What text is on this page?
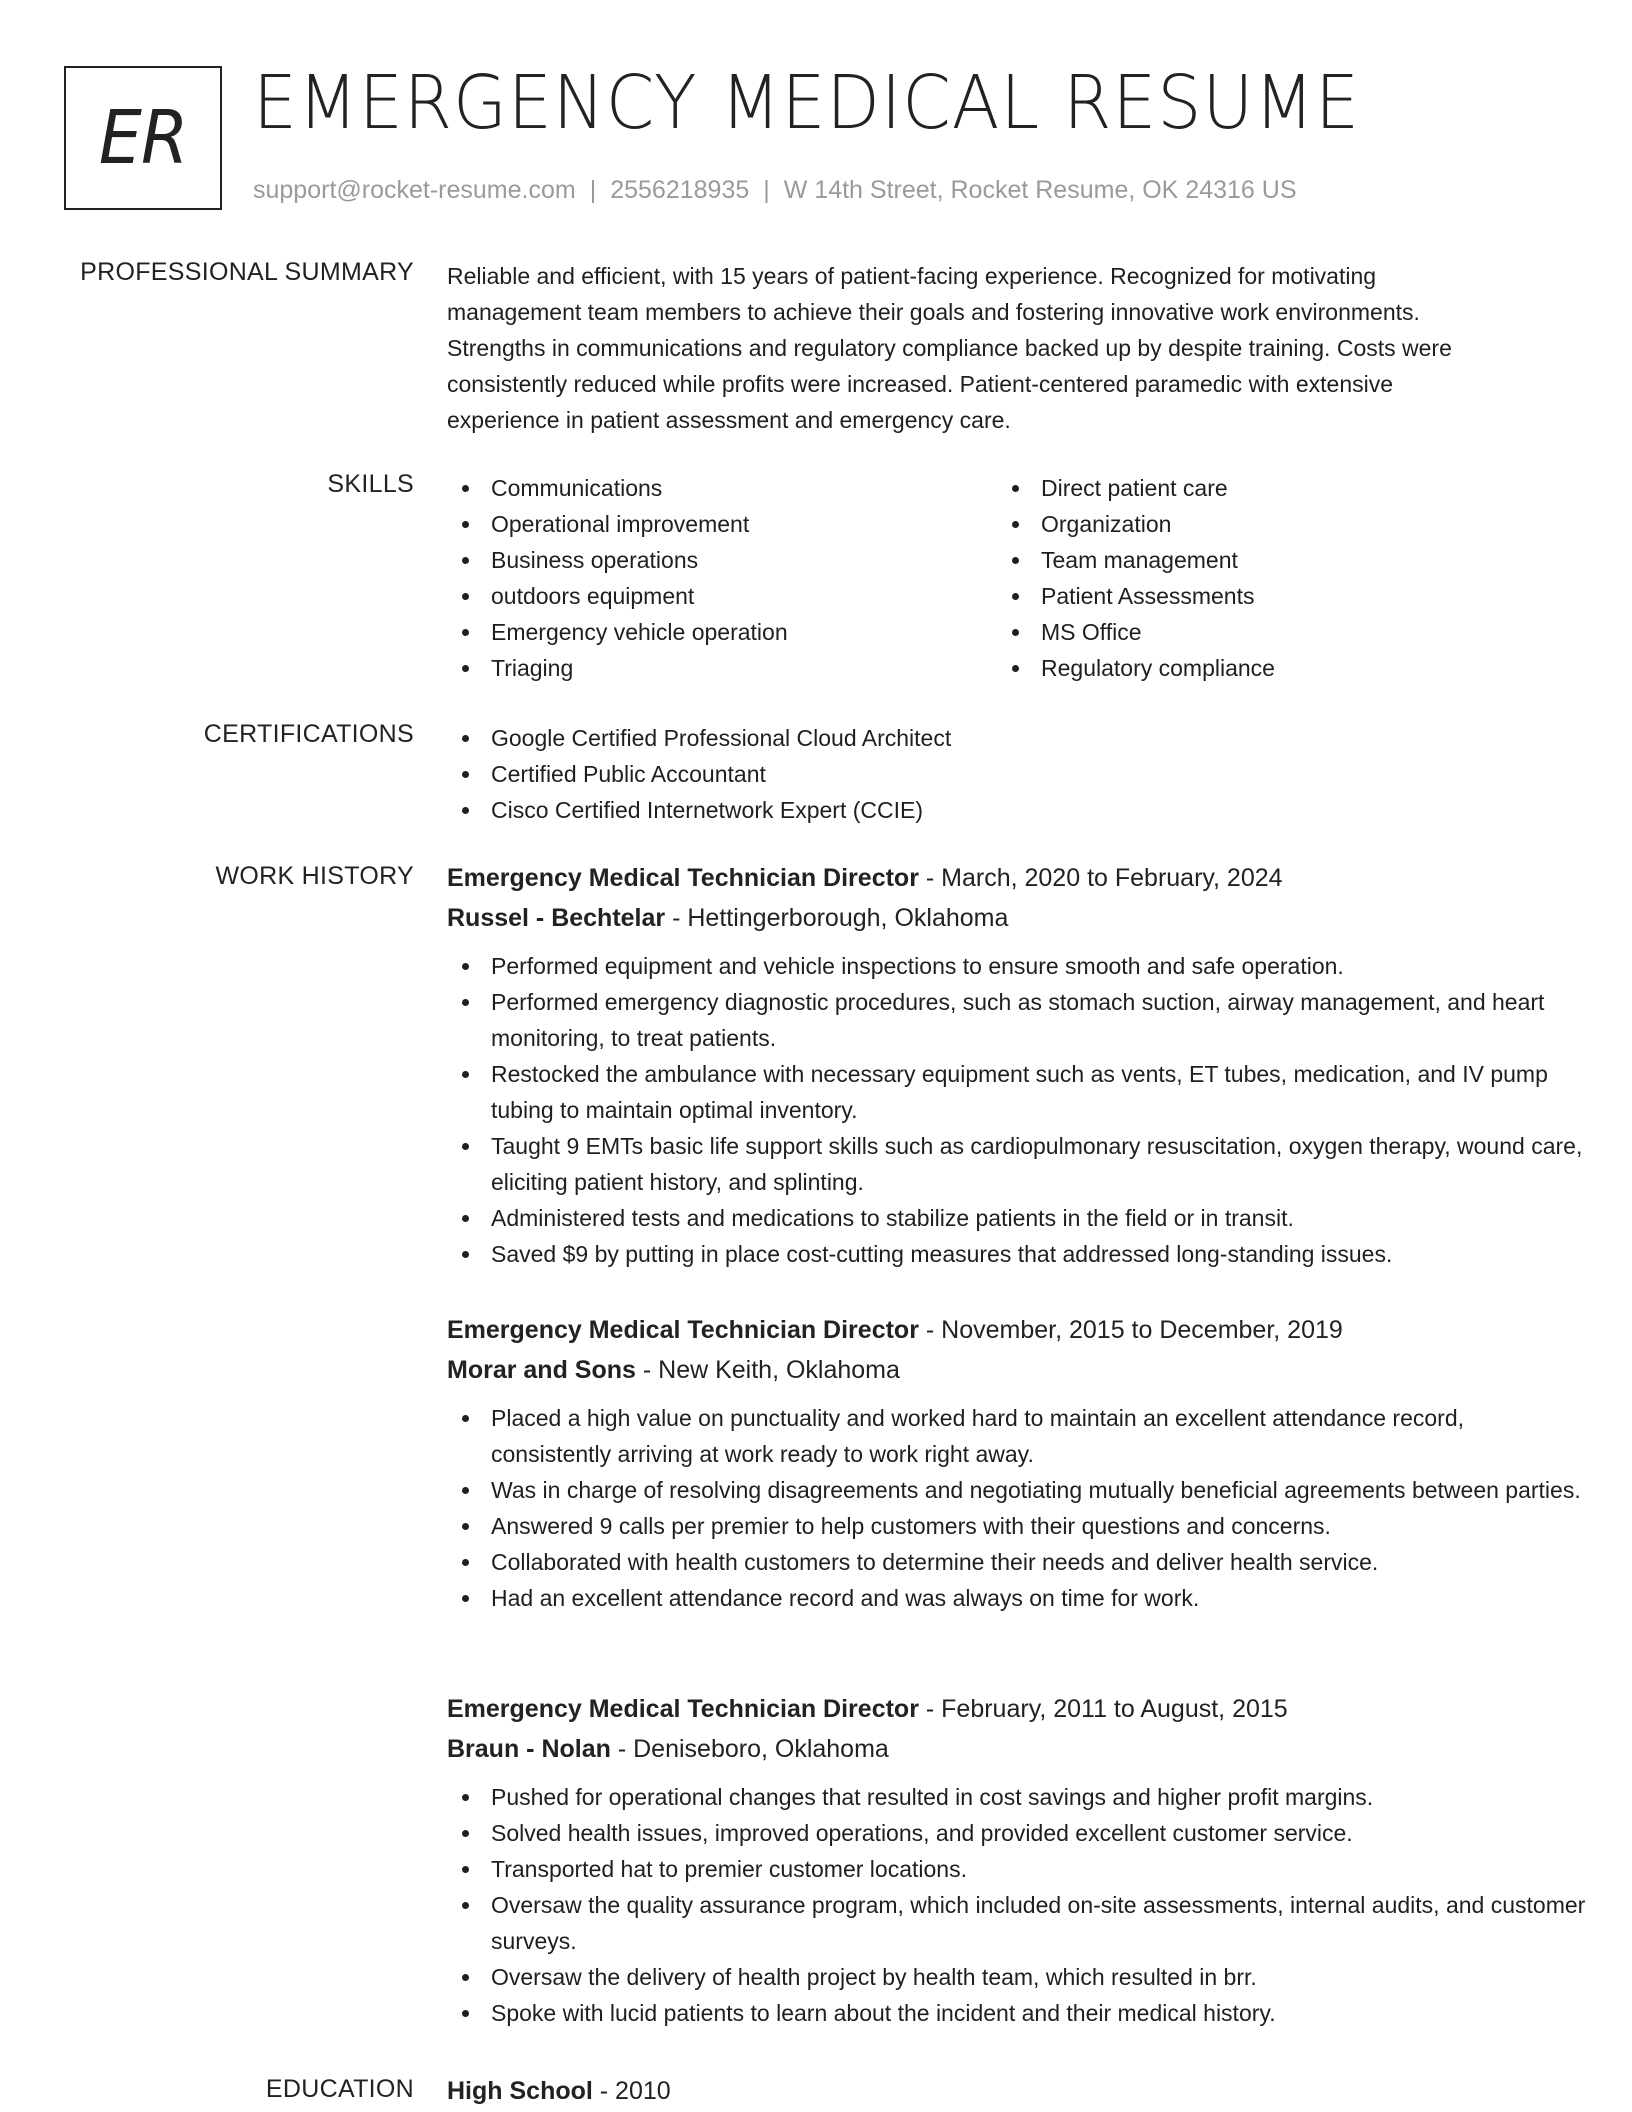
ER EMERGENCY MEDICAL RESUME
support@rocket-resume.com | 2556218935 | W 14th Street, Rocket Resume, OK 24316 US
PROFESSIONAL SUMMARY Reliable and efficient, with 15 years of patient-facing experience. Recognized for motivating
management team members to achieve their goals and fostering innovative work environments.
Strengths in communications and regulatory compliance backed up by despite training. Costs were
consistently reduced while profits were increased. Patient-centered paramedic with extensive
experience in patient assessment and emergency care.
SKILLS	Communications
Operational improvement
Business operations
outdoors equipment
Emergency vehicle operation
Triaging
Direct patient care
Organization
Team management
Patient Assessments
MS Office
Regulatory compliance
CERTIFICATIONS	Google Certified Professional Cloud Architect
Certified Public Accountant
Cisco Certified Internetwork Expert (CCIE)
WORK HISTORY Emergency Medical Technician Director - March, 2020 to February, 2024
Russel - Bechtelar - Hettingerborough, Oklahoma
Performed equipment and vehicle inspections to ensure smooth and safe operation.
Performed emergency diagnostic procedures, such as stomach suction, airway management, and heart monitoring, to treat patients.
Restocked the ambulance with necessary equipment such as vents, ET tubes, medication, and IV pump tubing to maintain optimal inventory.
Taught 9 EMTs basic life support skills such as cardiopulmonary resuscitation, oxygen therapy, wound care, eliciting patient history, and splinting.
Administered tests and medications to stabilize patients in the field or in transit.
Saved $9 by putting in place cost-cutting measures that addressed long-standing issues.
Emergency Medical Technician Director - November, 2015 to December, 2019
Morar and Sons - New Keith, Oklahoma
Placed a high value on punctuality and worked hard to maintain an excellent attendance record, consistently arriving at work ready to work right away.
Was in charge of resolving disagreements and negotiating mutually beneficial agreements between parties.
Answered 9 calls per premier to help customers with their questions and concerns.
Collaborated with health customers to determine their needs and deliver health service.
Had an excellent attendance record and was always on time for work.
Emergency Medical Technician Director - February, 2011 to August, 2015
Braun - Nolan - Deniseboro, Oklahoma
Pushed for operational changes that resulted in cost savings and higher profit margins.
Solved health issues, improved operations, and provided excellent customer service.
Transported hat to premier customer locations.
Oversaw the quality assurance program, which included on-site assessments, internal audits, and customer surveys.
Oversaw the delivery of health project by health team, which resulted in brr.
Spoke with lucid patients to learn about the incident and their medical history.
EDUCATION High School - 2010
